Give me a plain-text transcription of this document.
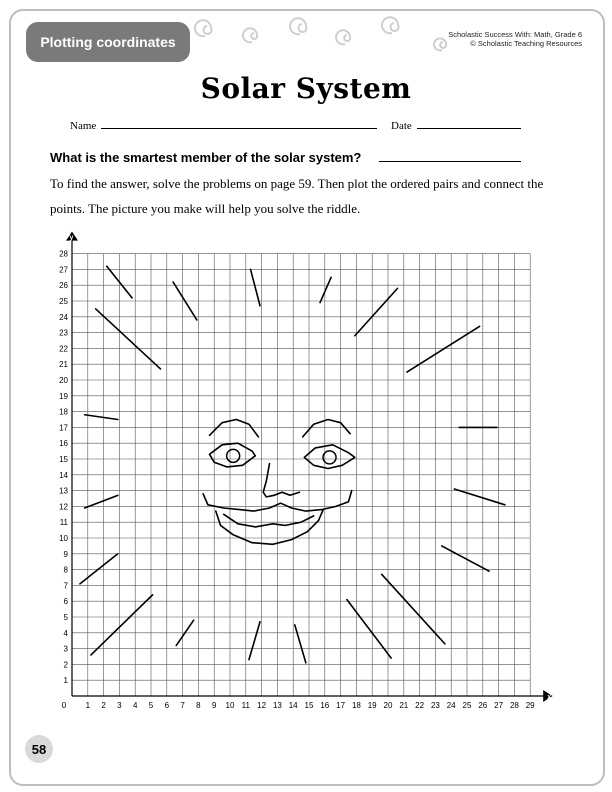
Plotting coordinates	Scholastic Success With: Math, Grade 6
© Scholastic Teaching Resources
Solar System
Name	Date
What is the smartest member of the solar system?
To find the answer, solve the problems on page 59. Then plot the ordered pairs and connect the points. The picture you make will help you solve the riddle.
x
y
0 1 2 3 4 5 6 7 8 9 10 11 12 13 14 15 16 17 18 19 20 21 22 23 24 25 26 27 28 29
1
2
3
4
5
6
7
8
9
10
11
12
13
14
15
16
17
18
19
20
21
22
23
24
25
26
27
28
58
